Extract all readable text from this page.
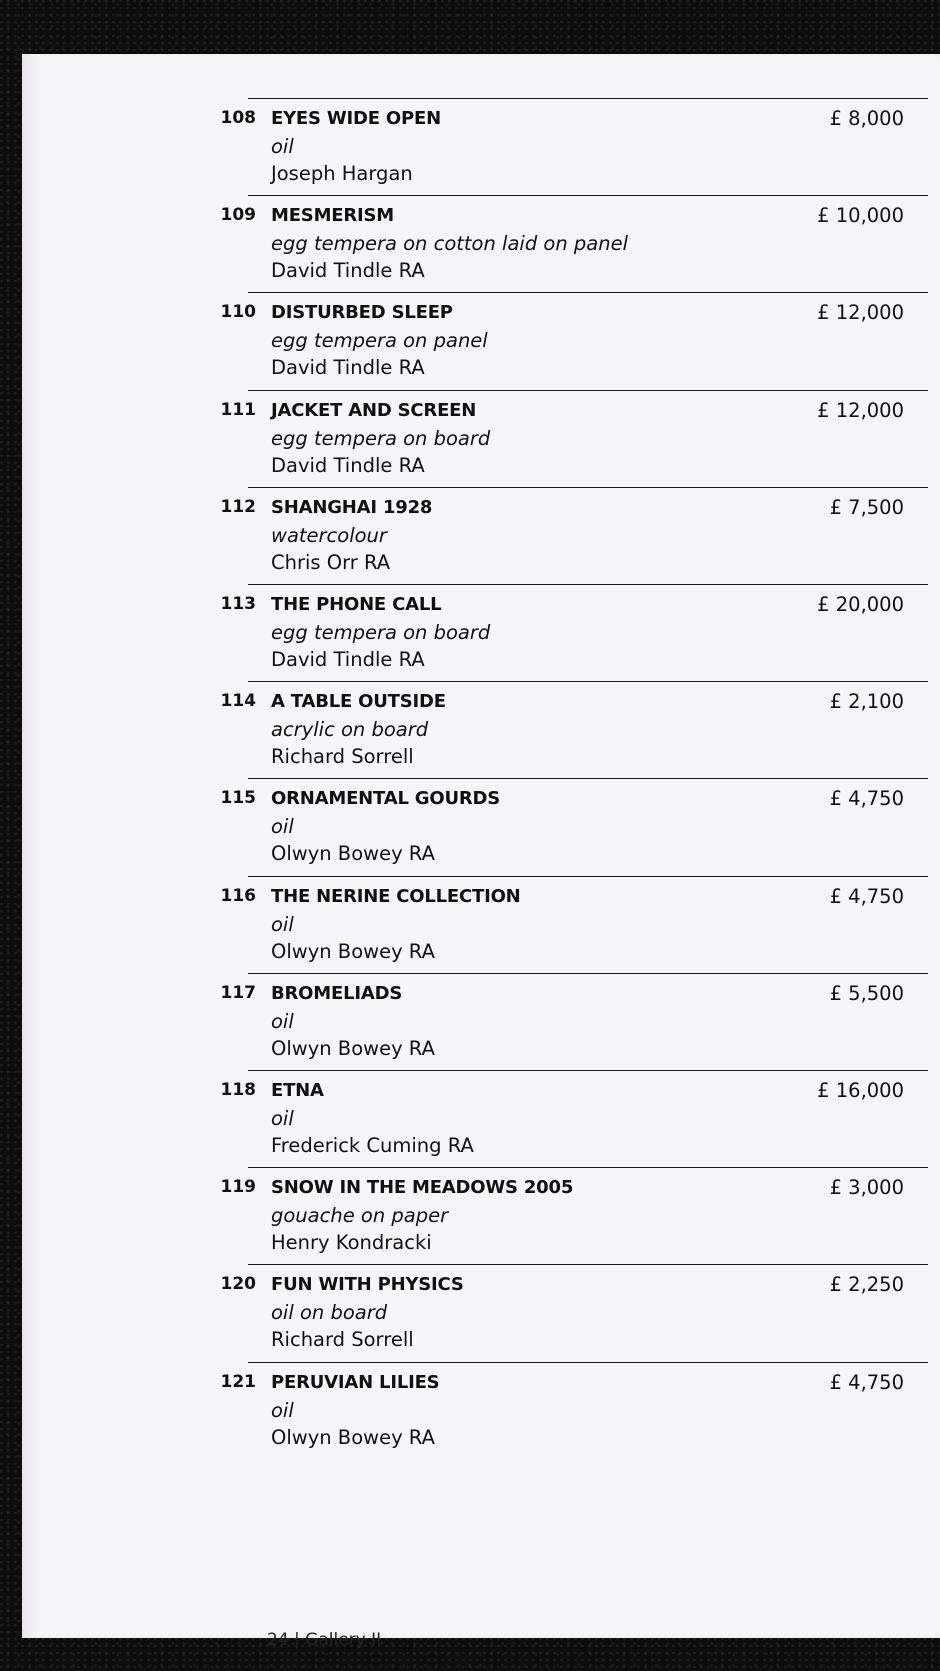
108 EYES WIDE OPEN
oil
Joseph Hargan
£ 8,000
109 MESMERISM
egg tempera on cotton laid on panel
David Tindle RA
£ 10,000
110 DISTURBED SLEEP
egg tempera on panel
David Tindle RA
£ 12,000
111 JACKET AND SCREEN
egg tempera on board
David Tindle RA
£ 12,000
112 SHANGHAI 1928
watercolour
Chris Orr RA
£ 7,500
113 THE PHONE CALL
egg tempera on board
David Tindle RA
£ 20,000
114 A TABLE OUTSIDE
acrylic on board
Richard Sorrell
£ 2,100
115 ORNAMENTAL GOURDS
oil
Olwyn Bowey RA
£ 4,750
116 THE NERINE COLLECTION
oil
Olwyn Bowey RA
£ 4,750
117 BROMELIADS
oil
Olwyn Bowey RA
£ 5,500
118 ETNA
oil
Frederick Cuming RA
£ 16,000
119 SNOW IN THE MEADOWS 2005
gouache on paper
Henry Kondracki
£ 3,000
120 FUN WITH PHYSICS
oil on board
Richard Sorrell
£ 2,250
121 PERUVIAN LILIES
oil
Olwyn Bowey RA
£ 4,750
24 | Gallery II
